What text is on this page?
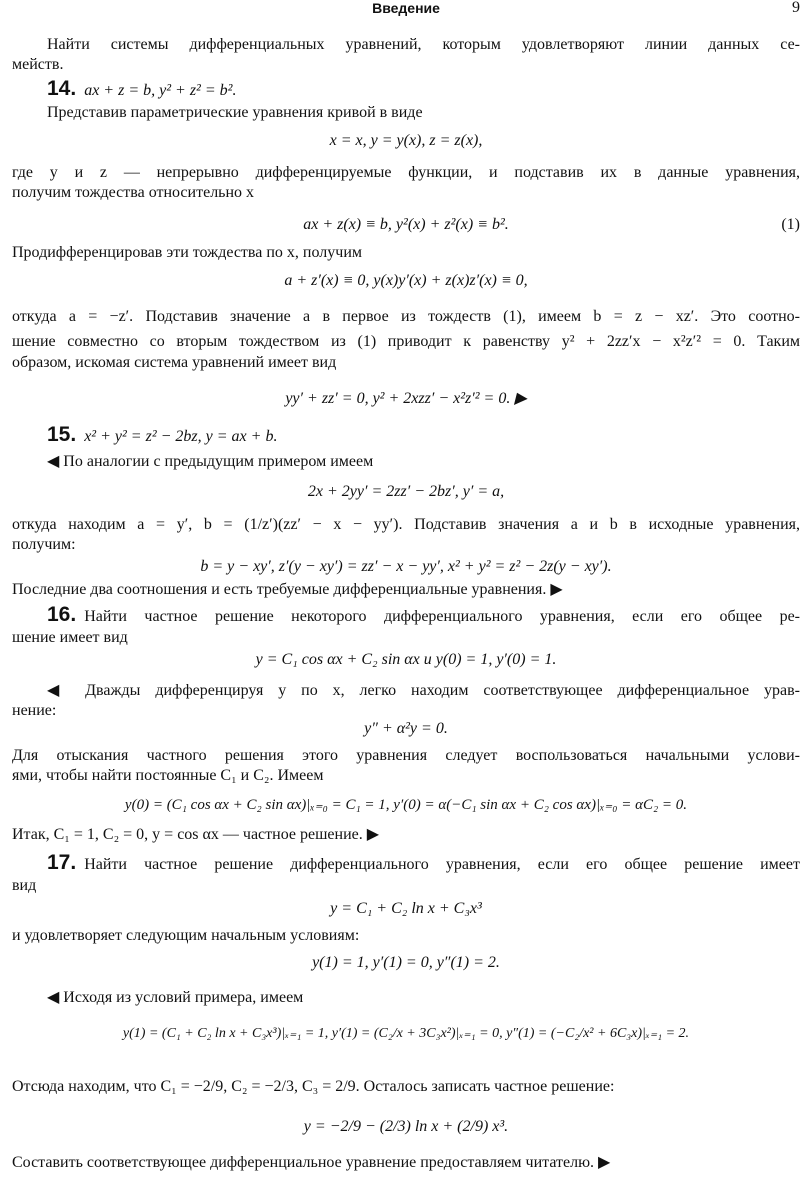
Введение	9
Найти системы дифференциальных уравнений, которым удовлетворяют линии данных се-
мейств.
14. ax + z = b, y² + z² = b².
Представив параметрические уравнения кривой в виде
x = x, y = y(x), z = z(x),
где y и z — непрерывно дифференцируемые функции, и подставив их в данные уравнения,
получим тождества относительно x
ax + z(x) ≡ b, y²(x) + z²(x) ≡ b².	(1)
Продифференцировав эти тождества по x, получим
a + z′(x) ≡ 0, y(x)y′(x) + z(x)z′(x) ≡ 0,
откуда a = −z′. Подставив значение a в первое из тождеств (1), имеем b = z − xz′. Это соотно-
шение совместно со вторым тождеством из (1) приводит к равенству y² + 2zz′x − x²z′² = 0. Таким
образом, искомая система уравнений имеет вид
yy′ + zz′ = 0, y² + 2xzz′ − x²z′² = 0. ▶
15. x² + y² = z² − 2bz, y = ax + b.
◀ По аналогии с предыдущим примером имеем
2x + 2yy′ = 2zz′ − 2bz′, y′ = a,
откуда находим a = y′, b = (1/z′)(zz′ − x − yy′). Подставив значения a и b в исходные уравнения,
получим:
b = y − xy′, z′(y − xy′) = zz′ − x − yy′, x² + y² = z² − 2z(y − xy′).
Последние два соотношения и есть требуемые дифференциальные уравнения. ▶
16. Найти частное решение некоторого дифференциального уравнения, если его общее ре-
шение имеет вид
y = C₁ cos αx + C₂ sin αx и y(0) = 1, y′(0) = 1.
◀ Дважды дифференцируя y по x, легко находим соответствующее дифференциальное урав-
нение:
y″ + α²y = 0.
Для отыскания частного решения этого уравнения следует воспользоваться начальными услови-
ями, чтобы найти постоянные C₁ и C₂. Имеем
y(0) = (C₁ cos αx + C₂ sin αx)|ₓ₌₀ = C₁ = 1, y′(0) = α(−C₁ sin αx + C₂ cos αx)|ₓ₌₀ = αC₂ = 0.
Итак, C₁ = 1, C₂ = 0, y = cos αx — частное решение. ▶
17. Найти частное решение дифференциального уравнения, если его общее решение имеет
вид
y = C₁ + C₂ ln x + C₃x³
и удовлетворяет следующим начальным условиям:
y(1) = 1, y′(1) = 0, y″(1) = 2.
◀ Исходя из условий примера, имеем
y(1) = (C₁ + C₂ ln x + C₃x³)|ₓ₌₁ = 1, y′(1) = (C₂/x + 3C₃x²)|ₓ₌₁ = 0, y″(1) = (−C₂/x² + 6C₃x)|ₓ₌₁ = 2.
Отсюда находим, что C₁ = −2/9, C₂ = −2/3, C₃ = 2/9. Осталось записать частное решение:
y = −2/9 − (2/3) ln x + (2/9) x³.
Составить соответствующее дифференциальное уравнение предоставляем читателю. ▶
